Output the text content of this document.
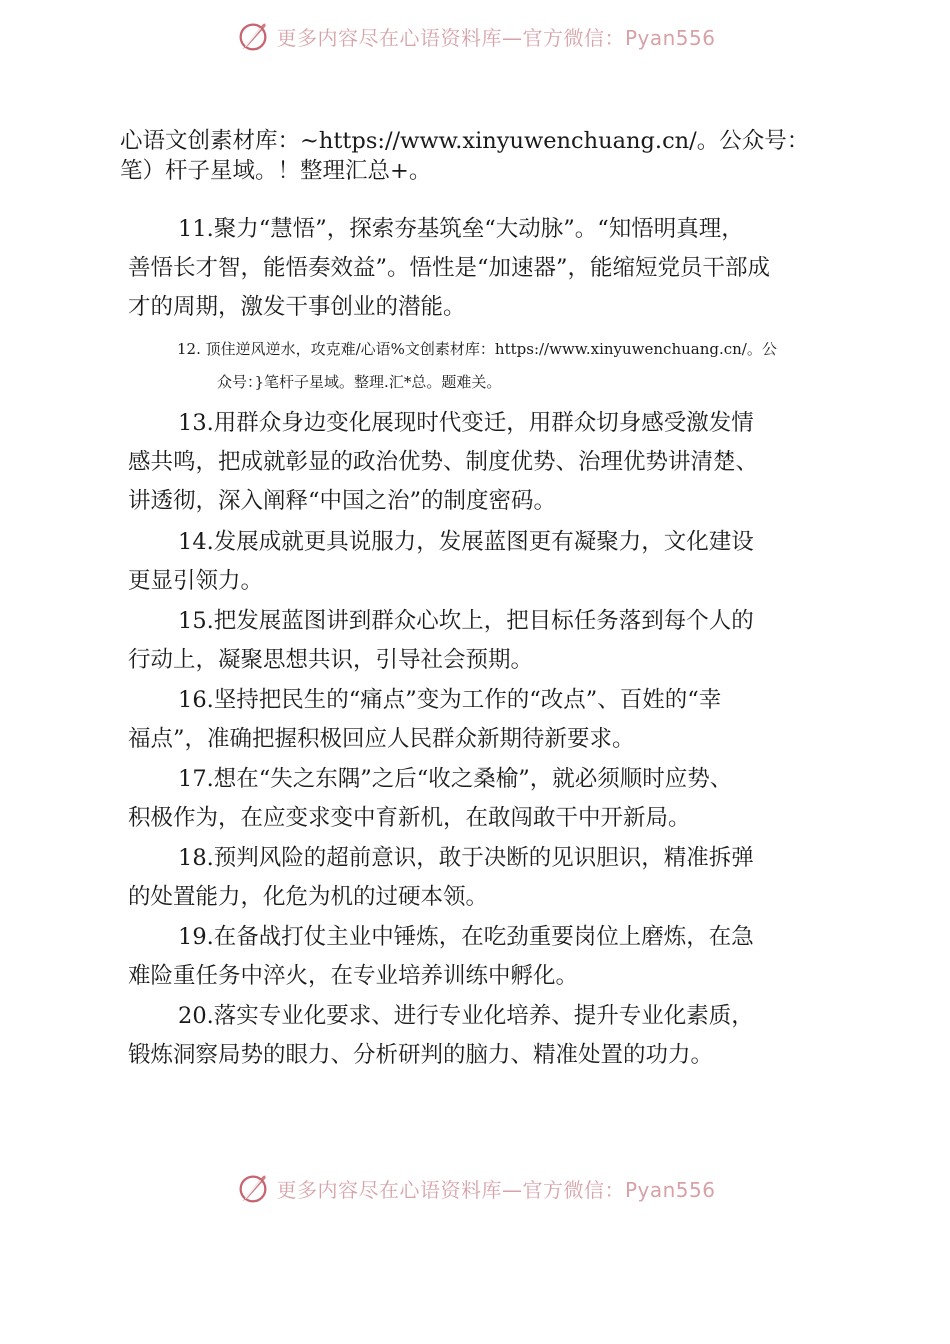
更多内容尽在心语资料库—官方微信：Pyan556
心语文创素材库：~https://www.xinyuwenchuang.cn/。公众号：
笔）杆子星域。！整理汇总+。
11.聚力“慧悟”，探索夯基筑垒“大动脉”。“知悟明真理，
善悟长才智，能悟奏效益”。悟性是“加速器”，能缩短党员干部成
才的周期，激发干事创业的潜能。
12. 顶住逆风逆水，攻克难/心语%文创素材库：https://www.xinyuwenchuang.cn/。公
众号：}笔杆子星域。整理.汇*总。题难关。
13.用群众身边变化展现时代变迁，用群众切身感受激发情
感共鸣，把成就彰显的政治优势、制度优势、治理优势讲清楚、
讲透彻，深入阐释“中国之治”的制度密码。
14.发展成就更具说服力，发展蓝图更有凝聚力，文化建设
更显引领力。
15.把发展蓝图讲到群众心坎上，把目标任务落到每个人的
行动上，凝聚思想共识，引导社会预期。
16.坚持把民生的“痛点”变为工作的“改点”、百姓的“幸
福点”，准确把握积极回应人民群众新期待新要求。
17.想在“失之东隅”之后“收之桑榆”，就必须顺时应势、
积极作为，在应变求变中育新机，在敢闯敢干中开新局。
18.预判风险的超前意识，敢于决断的见识胆识，精准拆弹
的处置能力，化危为机的过硬本领。
19.在备战打仗主业中锤炼，在吃劲重要岗位上磨炼，在急
难险重任务中淬火，在专业培养训练中孵化。
20.落实专业化要求、进行专业化培养、提升专业化素质，
锻炼洞察局势的眼力、分析研判的脑力、精准处置的功力。
更多内容尽在心语资料库—官方微信：Pyan556
